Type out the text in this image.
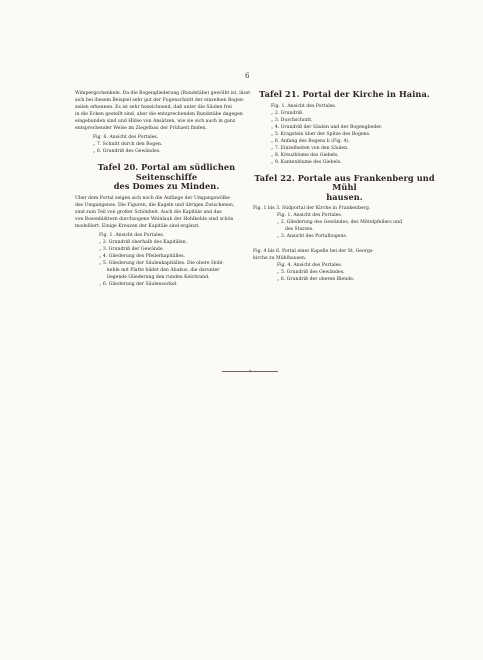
6
Wimpergschenkeln. Da die Bogengliederung (Rundstäbe) gewölbt ist, lässt
sich bei diesem Beispiel sehr gut der Fugenschnitt der einzelnen Bogen-
zeilen erkennen. Es ist sehr bezeichnend, daß unter die Säulen frei
in die Ecken gestellt sind, aber die entsprechenden Rundstäbe dagegen
eingebunden sind und Hülse von Ansätzen, wie sie sich auch in ganz
entsprechender Weise im Ziegelbau der Frühzeit finden.
Fig. 6. Ansicht des Portales.
„ 7. Schnitt durch den Bogen.
„ 8. Grundriß des Gewändes.
Tafel 20. Portal am südlichen Seitenschiffe
des Domes zu Minden.
Über dem Portal zeigen sich noch die Anfänge der Umgangswölbe
des Umgangenes. Die Figuren, die Kugeln und übrigen Zwischenen,
sind zum Teil von großer Schönheit. Auch die Kapitäle und das
von Rosenblättern durchzogene Weinlaub der Hohlkehle sind schön
modelliert. Einige Kreuzen der Kapitäle sind ergänzt.
Fig. 1. Ansicht des Portales.
„ 2. Grundriß oberhalb des Kapitälen.
„ 3. Grundriß der Gewände.
„ 4. Gliederung des Pfeilerkapitälles.
„ 5. Gliederung der Säulenkapitälles. Die obere Hohl-
kehle mit Platte bildet den Abakus, die darunter
liegende Gliederung den runden Kelchrand.
„ 6. Gliederung der Säulensockel.
Tafel 21. Portal der Kirche in Haina.
Fig. 1. Ansicht des Portales.
„ 2. Grundriß.
„ 3. Durchschnitt.
„ 4. Grundriß der Säulen und der Bogenglieder.
„ 5. Kragstein über der Spitze des Bogens.
„ 6. Anfang des Bogens b (Fig. 4).
„ 7. Einzelheiten von den Säulen.
„ 8. Kreuzblume des Giebels.
„ 9. Kantenblume des Giebels.
Tafel 22. Portale aus Frankenberg und Mühl
hausen.
Fig. 1 bis 3. Südportal der Kirche in Frankenberg.
Fig. 1. Ansicht des Portales.
„ 2. Gliederung des Gewändes, des Mittelpfeilers und
des Sturzes.
„ 3. Ansicht des Portalbogens.
Fig. 4 bis 6. Portal einer Kapelle bei der St. Georgs-
kirche zu Mühlhausen.
Fig. 4. Ansicht des Portales.
„ 5. Grundriß des Gewändes.
„ 6. Grundriß der oberen Blende.
✦
